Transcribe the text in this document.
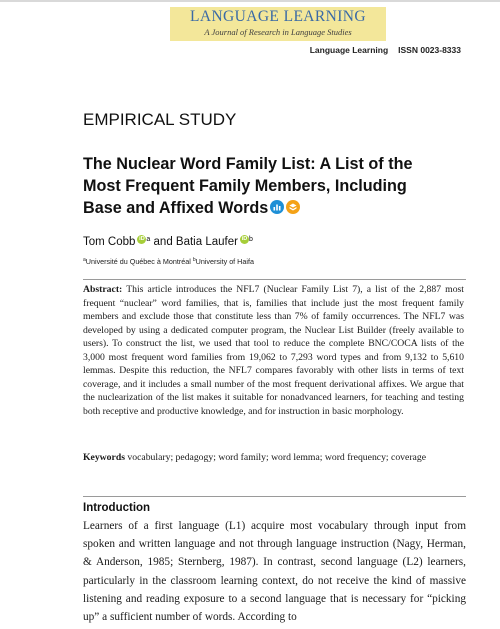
LANGUAGE LEARNING
A Journal of Research in Language Studies
Language Learning ISSN 0023-8333
EMPIRICAL STUDY
The Nuclear Word Family List: A List of the
Most Frequent Family Members, Including
Base and Affixed Words
Tom Cobb iD $^a$ and Batia Laufer iD $^b$
$^a$Université du Québec à Montréal $^b$University of Haifa
Abstract: This article introduces the NFL7 (Nuclear Family List 7), a list of the 2,887 most frequent “nuclear” word families, that is, families that include just the most frequent family members and exclude those that constitute less than 7% of family occurrences. The NFL7 was developed by using a dedicated computer program, the Nuclear List Builder (freely available to users). To construct the list, we used that tool to reduce the complete BNC/COCA lists of the 3,000 most frequent word families from 19,062 to 7,293 word types and from 9,132 to 5,610 lemmas. Despite this reduction, the NFL7 compares favorably with other lists in terms of text coverage, and it includes a small number of the most frequent derivational affixes. We argue that the nuclearization of the list makes it suitable for nonadvanced learners, for teaching and testing both receptive and productive knowledge, and for instruction in basic morphology.
Keywords vocabulary; pedagogy; word family; word lemma; word frequency; coverage
Introduction
Learners of a first language (L1) acquire most vocabulary through input from spoken and written language and not through language instruction (Nagy, Herman, & Anderson, 1985; Sternberg, 1987). In contrast, second language (L2) learners, particularly in the classroom learning context, do not receive the kind of massive listening and reading exposure to a second language that is necessary for “picking up” a sufficient number of words. According to
